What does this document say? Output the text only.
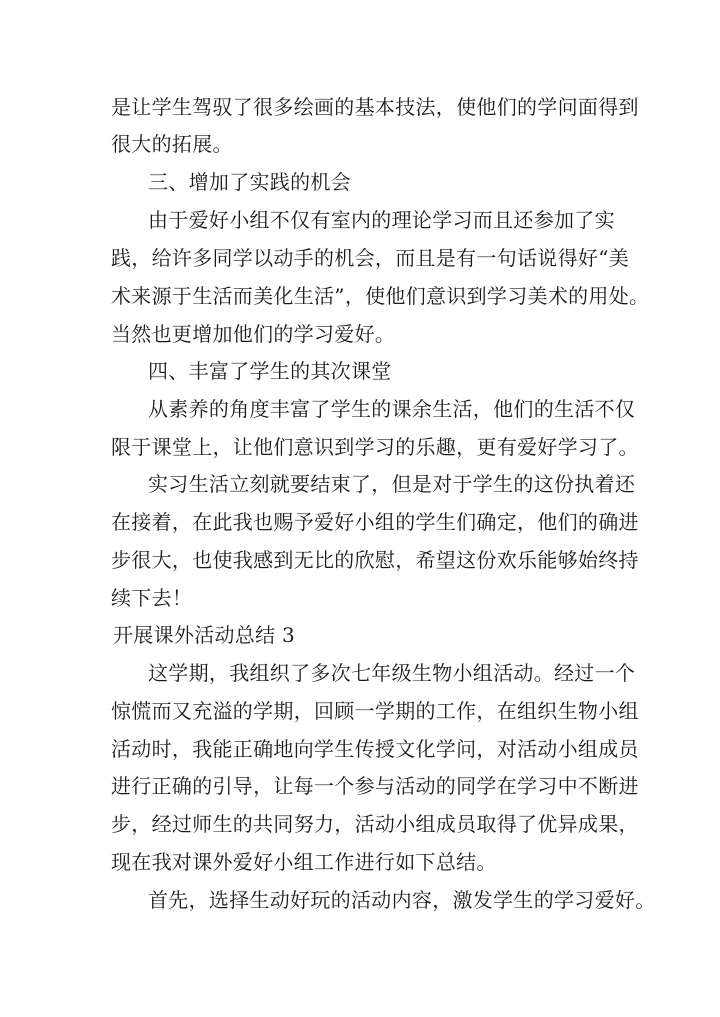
是让学生驾驭了很多绘画的基本技法，使他们的学问面得到
很大的拓展。
三、增加了实践的机会
由于爱好小组不仅有室内的理论学习而且还参加了实
践，给许多同学以动手的机会，而且是有一句话说得好“美
术来源于生活而美化生活”，使他们意识到学习美术的用处。
当然也更增加他们的学习爱好。
四、丰富了学生的其次课堂
从素养的角度丰富了学生的课余生活，他们的生活不仅
限于课堂上，让他们意识到学习的乐趣，更有爱好学习了。
实习生活立刻就要结束了，但是对于学生的这份执着还
在接着，在此我也赐予爱好小组的学生们确定，他们的确进
步很大，也使我感到无比的欣慰，希望这份欢乐能够始终持
续下去！
开展课外活动总结 3
这学期，我组织了多次七年级生物小组活动。经过一个
惊慌而又充溢的学期，回顾一学期的工作，在组织生物小组
活动时，我能正确地向学生传授文化学问，对活动小组成员
进行正确的引导，让每一个参与活动的同学在学习中不断进
步，经过师生的共同努力，活动小组成员取得了优异成果，
现在我对课外爱好小组工作进行如下总结。
首先，选择生动好玩的活动内容，激发学生的学习爱好。
